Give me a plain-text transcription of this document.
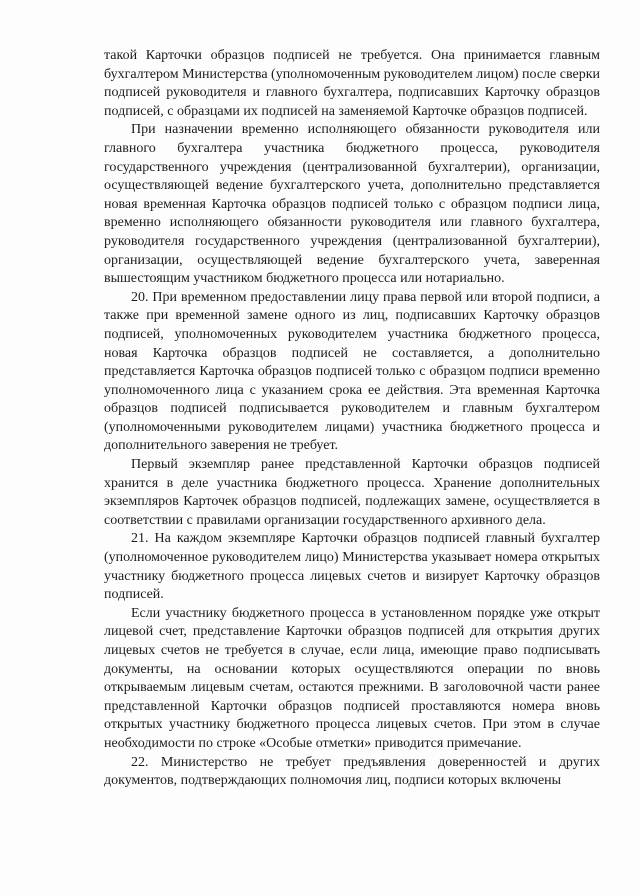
такой Карточки образцов подписей не требуется. Она принимается главным бухгалтером Министерства (уполномоченным руководителем лицом) после сверки подписей руководителя и главного бухгалтера, подписавших Карточку образцов подписей, с образцами их подписей на заменяемой Карточке образцов подписей.

При назначении временно исполняющего обязанности руководителя или главного бухгалтера участника бюджетного процесса, руководителя государственного учреждения (централизованной бухгалтерии), организации, осуществляющей ведение бухгалтерского учета, дополнительно представляется новая временная Карточка образцов подписей только с образцом подписи лица, временно исполняющего обязанности руководителя или главного бухгалтера, руководителя государственного учреждения (централизованной бухгалтерии), организации, осуществляющей ведение бухгалтерского учета, заверенная вышестоящим участником бюджетного процесса или нотариально.

20. При временном предоставлении лицу права первой или второй подписи, а также при временной замене одного из лиц, подписавших Карточку образцов подписей, уполномоченных руководителем участника бюджетного процесса, новая Карточка образцов подписей не составляется, а дополнительно представляется Карточка образцов подписей только с образцом подписи временно уполномоченного лица с указанием срока ее действия. Эта временная Карточка образцов подписей подписывается руководителем и главным бухгалтером (уполномоченными руководителем лицами) участника бюджетного процесса и дополнительного заверения не требует.

Первый экземпляр ранее представленной Карточки образцов подписей хранится в деле участника бюджетного процесса. Хранение дополнительных экземпляров Карточек образцов подписей, подлежащих замене, осуществляется в соответствии с правилами организации государственного архивного дела.

21. На каждом экземпляре Карточки образцов подписей главный бухгалтер (уполномоченное руководителем лицо) Министерства указывает номера открытых участнику бюджетного процесса лицевых счетов и визирует Карточку образцов подписей.

Если участнику бюджетного процесса в установленном порядке уже открыт лицевой счет, представление Карточки образцов подписей для открытия других лицевых счетов не требуется в случае, если лица, имеющие право подписывать документы, на основании которых осуществляются операции по вновь открываемым лицевым счетам, остаются прежними. В заголовочной части ранее представленной Карточки образцов подписей проставляются номера вновь открытых участнику бюджетного процесса лицевых счетов. При этом в случае необходимости по строке «Особые отметки» приводится примечание.

22. Министерство не требует предъявления доверенностей и других документов, подтверждающих полномочия лиц, подписи которых включены
